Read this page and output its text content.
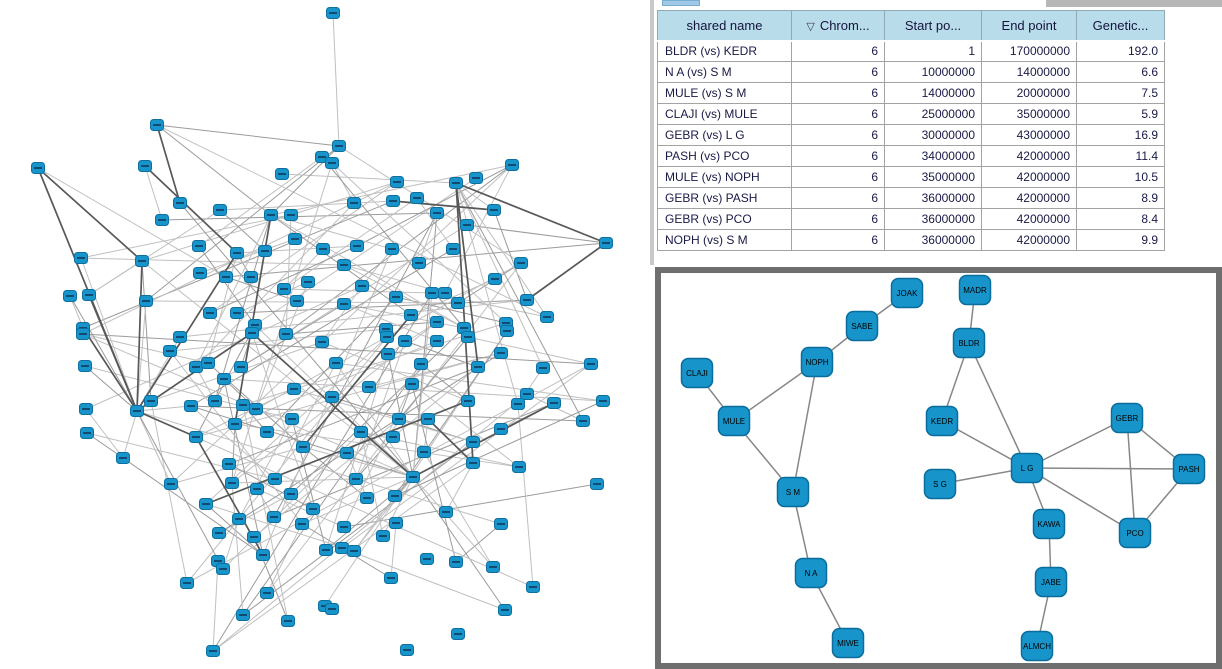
shared name	▽ Chrom...	Start po...	End point	Genetic...
BLDR (vs) KEDR	6	1	170000000	192.0
N A (vs) S M	6	10000000	14000000	6.6
MULE (vs) S M	6	14000000	20000000	7.5
CLAJI (vs) MULE	6	25000000	35000000	5.9
GEBR (vs) L G	6	30000000	43000000	16.9
PASH (vs) PCO	6	34000000	42000000	11.4
MULE (vs) NOPH	6	35000000	42000000	10.5
GEBR (vs) PASH	6	36000000	42000000	8.9
GEBR (vs) PCO	6	36000000	42000000	8.4
NOPH (vs) S M	6	36000000	42000000	9.9
JOAK	MADR
SABE
BLDR
NOPH
CLAJI
MULE	KEDR	GEBR
L G	PASH
S G
S M
KAWA
PCO
N A
JABE
MIWE	ALMCH
